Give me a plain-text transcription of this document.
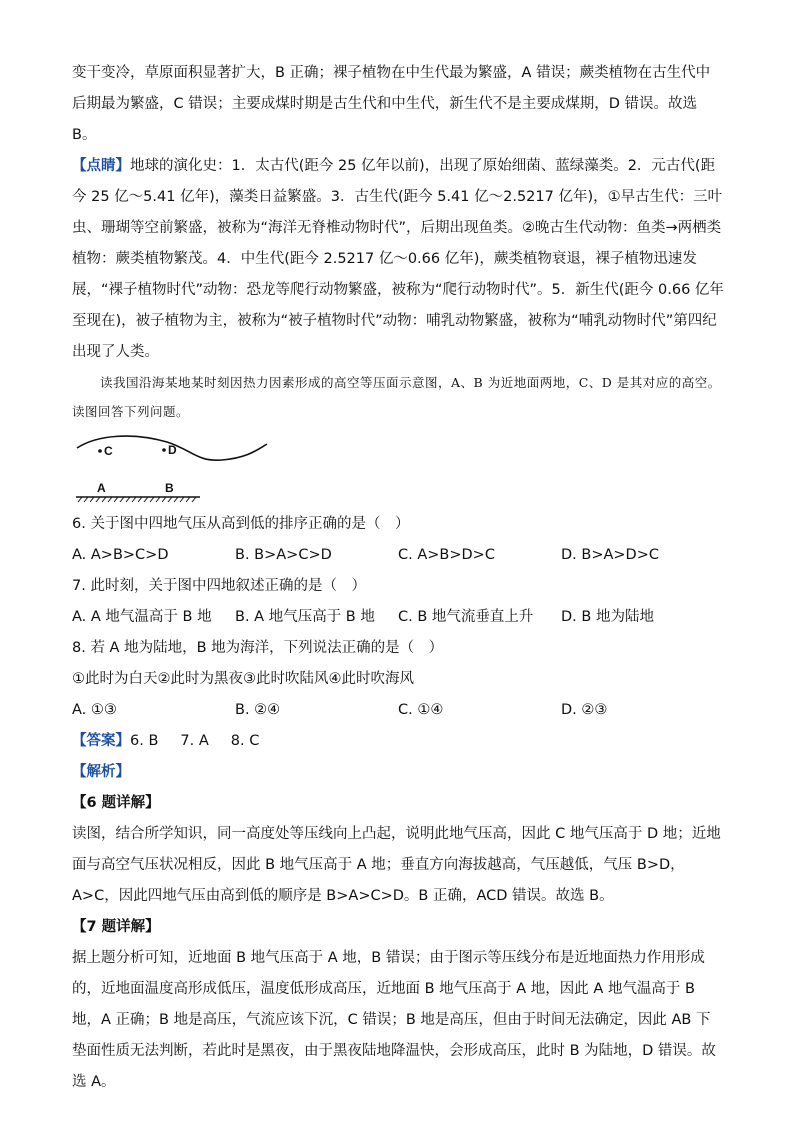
变干变冷，草原面积显著扩大，B 正确；裸子植物在中生代最为繁盛，A 错误；蕨类植物在古生代中后期最为繁盛，C 错误；主要成煤时期是古生代和中生代，新生代不是主要成煤期，D 错误。故选 B。

【点睛】地球的演化史：1．太古代(距今 25 亿年以前)，出现了原始细菌、蓝绿藻类。2．元古代(距今 25 亿～5.41 亿年)，藻类日益繁盛。3．古生代(距今 5.41 亿～2.5217 亿年)，①早古生代：三叶虫、珊瑚等空前繁盛，被称为“海洋无脊椎动物时代”，后期出现鱼类。②晚古生代动物：鱼类→两栖类植物：蕨类植物繁茂。4．中生代(距今 2.5217 亿～0.66 亿年)，蕨类植物衰退，裸子植物迅速发展，“裸子植物时代”动物：恐龙等爬行动物繁盛，被称为“爬行动物时代”。5．新生代(距今 0.66 亿年至现在)，被子植物为主，被称为“被子植物时代”动物：哺乳动物繁盛，被称为“哺乳动物时代”第四纪出现了人类。

读我国沿海某地某时刻因热力因素形成的高空等压面示意图，A、B 为近地面两地，C、D 是其对应的高空。读图回答下列问题。

C	D
A	B

6. 关于图中四地气压从高到低的排序正确的是（　）

A. A>B>C>D	B. B>A>C>D	C. A>B>D>C	D. B>A>D>C

7. 此时刻，关于图中四地叙述正确的是（　）

A. A 地气温高于 B 地	B. A 地气压高于 B 地	C. B 地气流垂直上升	D. B 地为陆地

8. 若 A 地为陆地，B 地为海洋，下列说法正确的是（　）

①此时为白天②此时为黑夜③此时吹陆风④此时吹海风

A. ①③	B. ②④	C. ①④	D. ②③
【答案】6. B 7. A 8. C

【解析】

【6 题详解】

读图，结合所学知识，同一高度处等压线向上凸起，说明此地气压高，因此 C 地气压高于 D 地；近地面与高空气压状况相反，因此 B 地气压高于 A 地；垂直方向海拔越高，气压越低，气压 B>D，A>C，因此四地气压由高到低的顺序是 B>A>C>D。B 正确，ACD 错误。故选 B。

【7 题详解】

据上题分析可知，近地面 B 地气压高于 A 地，B 错误；由于图示等压线分布是近地面热力作用形成的，近地面温度高形成低压，温度低形成高压，近地面 B 地气压高于 A 地，因此 A 地气温高于 B 地，A 正确；B 地是高压，气流应该下沉，C 错误；B 地是高压，但由于时间无法确定，因此 AB 下垫面性质无法判断，若此时是黑夜，由于黑夜陆地降温快，会形成高压，此时 B 为陆地，D 错误。故选 A。
